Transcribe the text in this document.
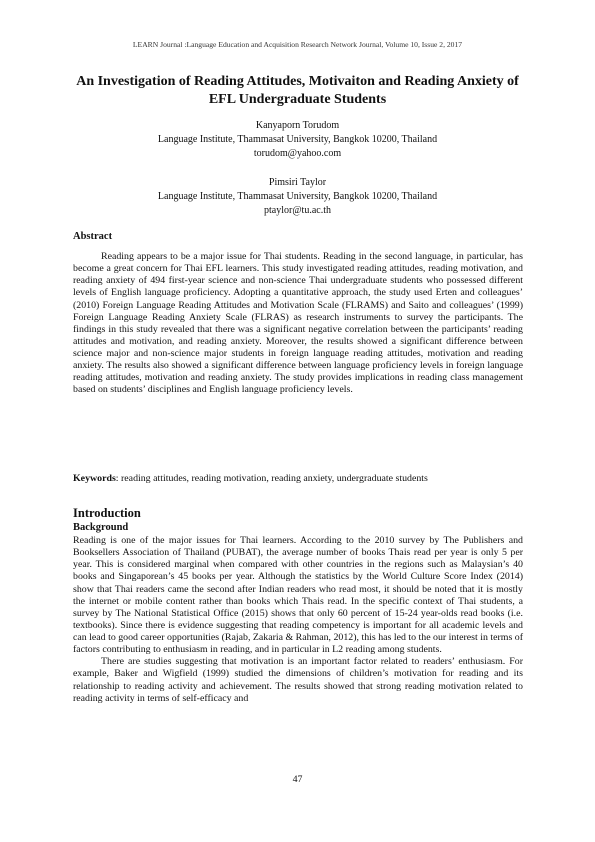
LEARN Journal :Language Education and Acquisition Research Network Journal, Volume 10, Issue 2, 2017
An Investigation of Reading Attitudes, Motivaiton and Reading Anxiety of EFL Undergraduate Students
Kanyaporn Torudom
Language Institute, Thammasat University, Bangkok 10200, Thailand
torudom@yahoo.com
Pimsiri Taylor
Language Institute, Thammasat University, Bangkok 10200, Thailand
ptaylor@tu.ac.th
Abstract

Reading appears to be a major issue for Thai students. Reading in the second language, in particular, has become a great concern for Thai EFL learners. This study investigated reading attitudes, reading motivation, and reading anxiety of 494 first-year science and non-science Thai undergraduate students who possessed different levels of English language proficiency. Adopting a quantitative approach, the study used Erten and colleagues’ (2010) Foreign Language Reading Attitudes and Motivation Scale (FLRAMS) and Saito and colleagues’ (1999) Foreign Language Reading Anxiety Scale (FLRAS) as research instruments to survey the participants. The findings in this study revealed that there was a significant negative correlation between the participants’ reading attitudes and motivation, and reading anxiety. Moreover, the results showed a significant difference between science major and non-science major students in foreign language reading attitudes, motivation and reading anxiety. The results also showed a significant difference between language proficiency levels in foreign language reading attitudes, motivation and reading anxiety. The study provides implications in reading class management based on students’ disciplines and English language proficiency levels.

Keywords: reading attitudes, reading motivation, reading anxiety, undergraduate students

Introduction
Background

Reading is one of the major issues for Thai learners. According to the 2010 survey by The Publishers and Booksellers Association of Thailand (PUBAT), the average number of books Thais read per year is only 5 per year. This is considered marginal when compared with other countries in the regions such as Malaysian’s 40 books and Singaporean’s 45 books per year. Although the statistics by the World Culture Score Index (2014) show that Thai readers came the second after Indian readers who read most, it should be noted that it is mostly the internet or mobile content rather than books which Thais read. In the specific context of Thai students, a survey by The National Statistical Office (2015) shows that only 60 percent of 15-24 year-olds read books (i.e. textbooks). Since there is evidence suggesting that reading competency is important for all academic levels and can lead to good career opportunities (Rajab, Zakaria & Rahman, 2012), this has led to the our interest in terms of factors contributing to enthusiasm in reading, and in particular in L2 reading among students.

There are studies suggesting that motivation is an important factor related to readers’ enthusiasm. For example, Baker and Wigfield (1999) studied the dimensions of children’s motivation for reading and its relationship to reading activity and achievement. The results showed that strong reading motivation related to reading activity in terms of self-efficacy and

47
